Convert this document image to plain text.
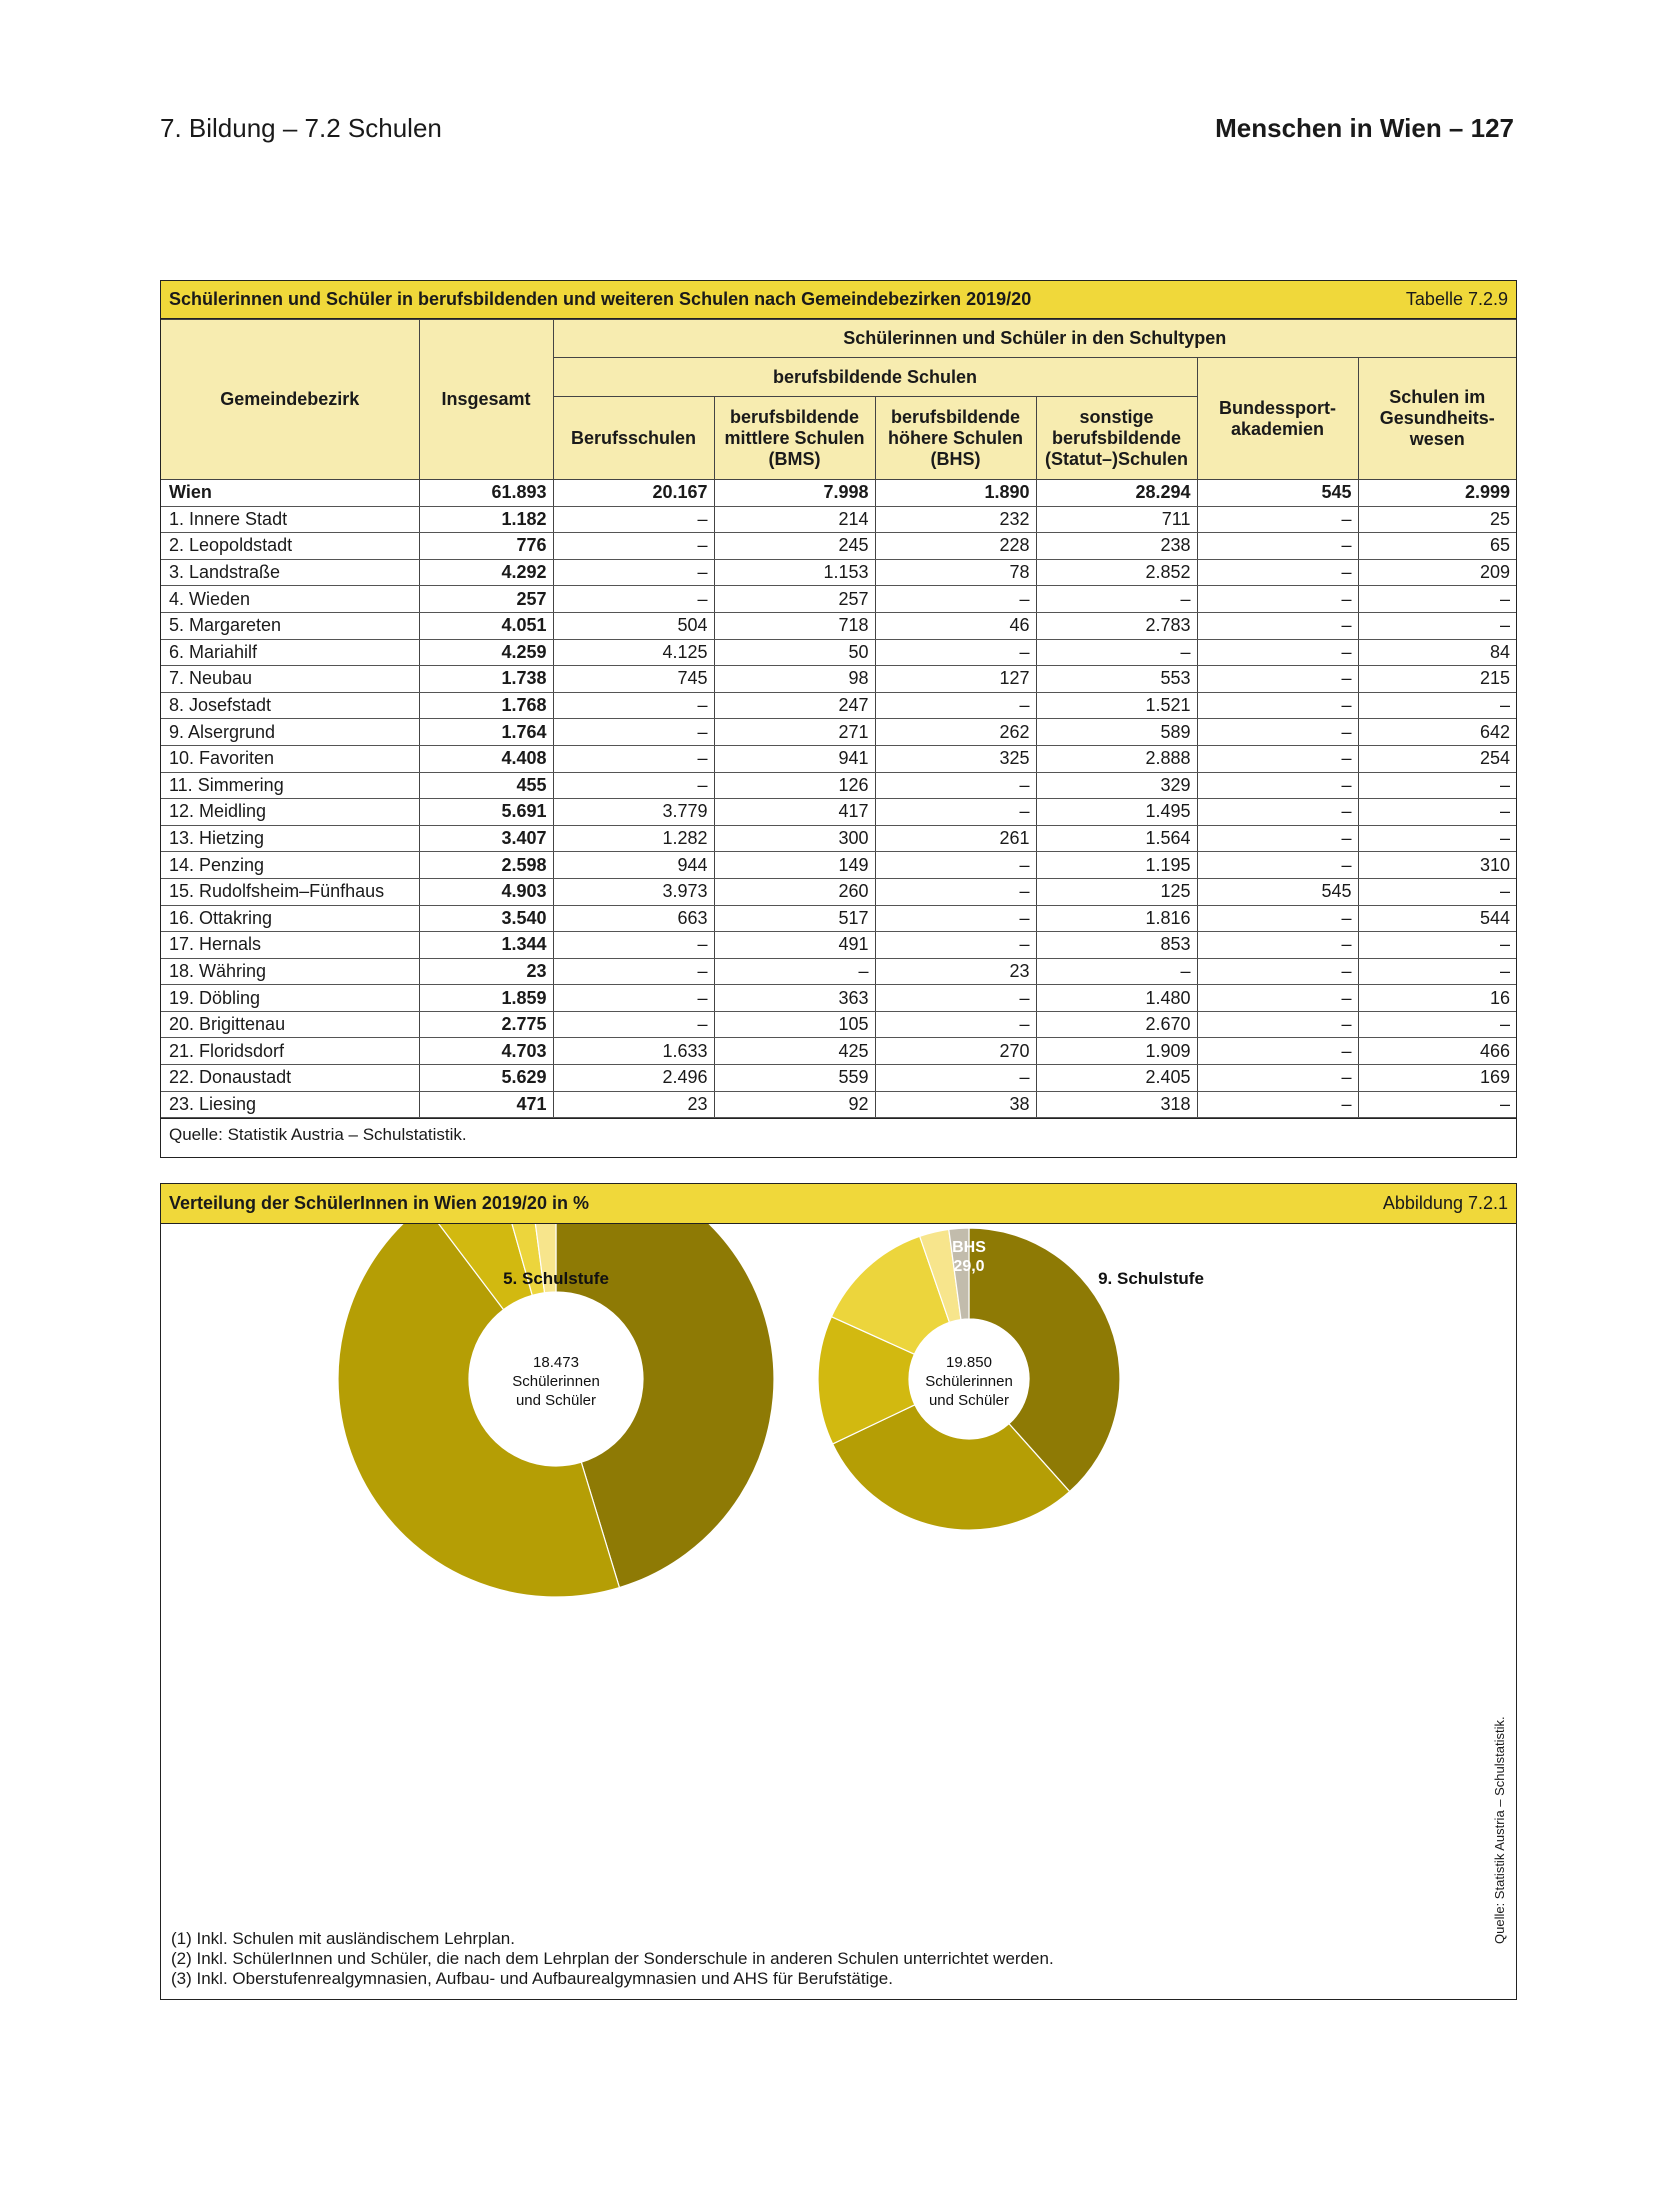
7. Bildung – 7.2 Schulen	Menschen in Wien – 127
Schülerinnen und Schüler in berufsbildenden und weiteren Schulen nach Gemeindebezirken 2019/20	Tabelle 7.2.9
Gemeindebezirk	Insgesamt	Schülerinnen und Schüler in den Schultypen					
		berufsbildende Schulen				Bundessport-akademien	Schulen im Gesundheits-wesen
		Berufsschulen	berufsbildende mittlere Schulen (BMS)	berufsbildende höhere Schulen (BHS)	sonstige berufsbildende (Statut–)Schulen		
Wien	61.893	20.167	7.998	1.890	28.294	545	2.999
1. Innere Stadt	1.182	–	214	232	711	–	25
2. Leopoldstadt	776	–	245	228	238	–	65
3. Landstraße	4.292	–	1.153	78	2.852	–	209
4. Wieden	257	–	257	–	–	–	–
5. Margareten	4.051	504	718	46	2.783	–	–
6. Mariahilf	4.259	4.125	50	–	–	–	84
7. Neubau	1.738	745	98	127	553	–	215
8. Josefstadt	1.768	–	247	–	1.521	–	–
9. Alsergrund	1.764	–	271	262	589	–	642
10. Favoriten	4.408	–	941	325	2.888	–	254
11. Simmering	455	–	126	–	329	–	–
12. Meidling	5.691	3.779	417	–	1.495	–	–
13. Hietzing	3.407	1.282	300	261	1.564	–	–
14. Penzing	2.598	944	149	–	1.195	–	310
15. Rudolfsheim–Fünfhaus	4.903	3.973	260	–	125	545	–
16. Ottakring	3.540	663	517	–	1.816	–	544
17. Hernals	1.344	–	491	–	853	–	–
18. Währing	23	–	–	23	–	–	–
19. Döbling	1.859	–	363	–	1.480	–	16
20. Brigittenau	2.775	–	105	–	2.670	–	–
21. Floridsdorf	4.703	1.633	425	270	1.909	–	466
22. Donaustadt	5.629	2.496	559	–	2.405	–	169
23. Liesing	471	23	92	38	318	–	–
Quelle: Statistik Austria – Schulstatistik.
Verteilung der SchülerInnen in Wien 2019/20 in %	Abbildung 7.2.1
5. Schulstufe
18.473 Schülerinnen und Schüler
9. Schulstufe
19.850 Schülerinnen und Schüler
BHS 29,0
(1) Inkl. Schulen mit ausländischem Lehrplan.
(2) Inkl. SchülerInnen und Schüler, die nach dem Lehrplan der Sonderschule in anderen Schulen unterrichtet werden.
(3) Inkl. Oberstufenrealgymnasien, Aufbau- und Aufbaurealgymnasien und AHS für Berufstätige.
Quelle: Statistik Austria – Schulstatistik.
